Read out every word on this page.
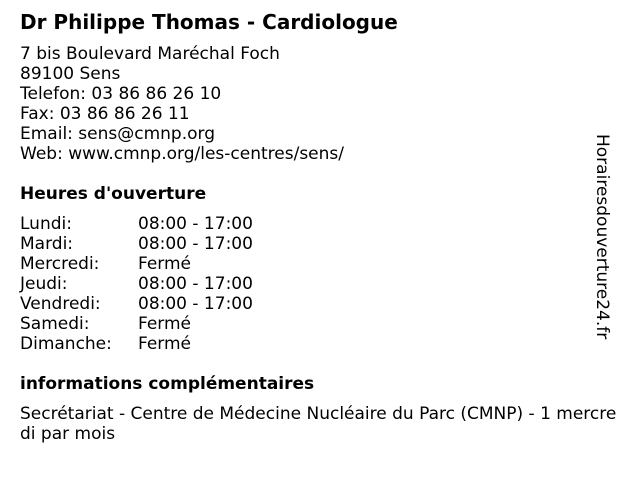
Dr Philippe Thomas - Cardiologue
7 bis Boulevard Maréchal Foch
89100 Sens
Telefon: 03 86 86 26 10
Fax: 03 86 86 26 11
Email: sens@cmnp.org
Web: www.cmnp.org/les-centres/sens/
Heures d'ouverture
Lundi:	08:00 - 17:00
Mardi:	08:00 - 17:00
Mercredi:	Fermé
Jeudi:	08:00 - 17:00
Vendredi:	08:00 - 17:00
Samedi:	Fermé
Dimanche:	Fermé
informations complémentaires
Secrétariat - Centre de Médecine Nucléaire du Parc (CMNP) - 1 mercredi par mois
Horairesdouverture24.fr
